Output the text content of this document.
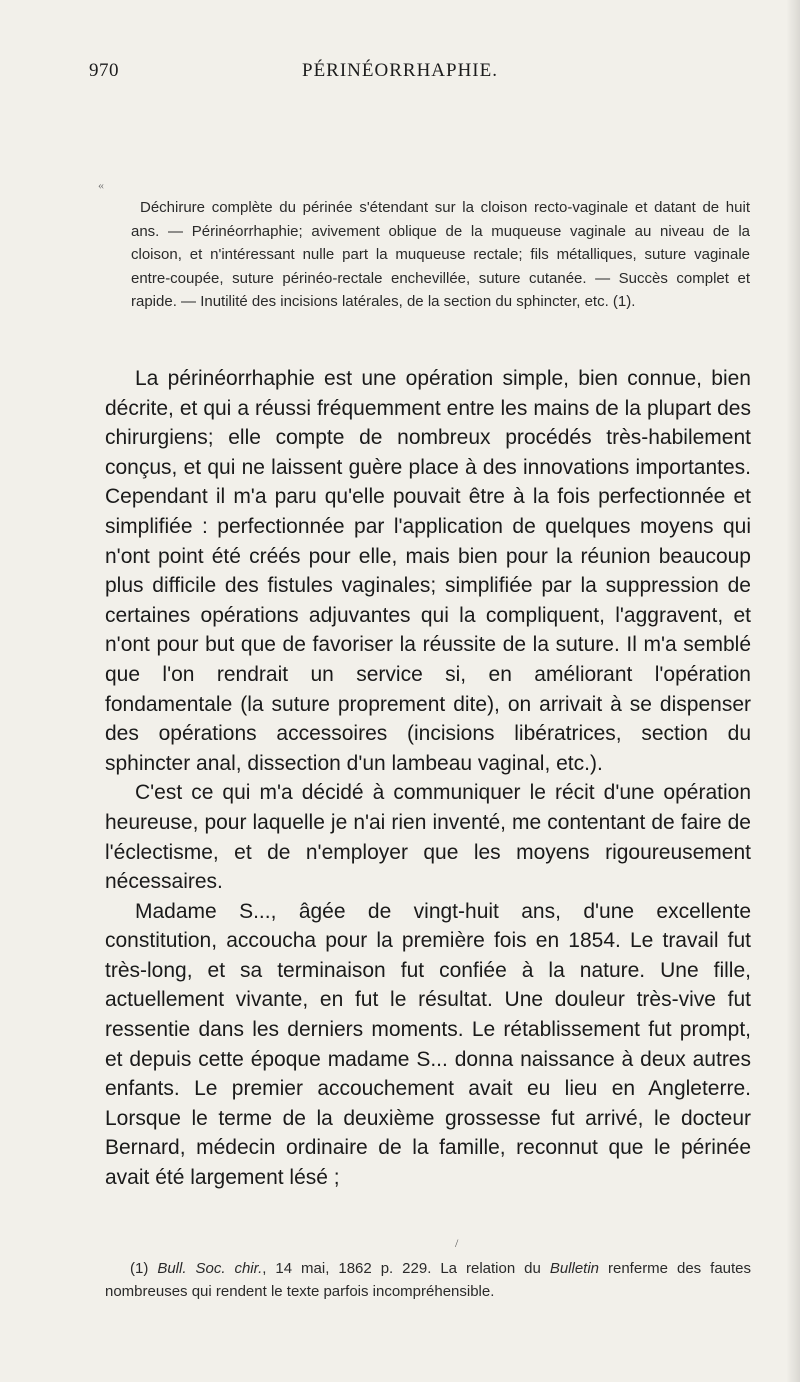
970	PÉRINÉORRHAPHIE.
«
Déchirure complète du périnée s'étendant sur la cloison recto-vaginale et datant de huit ans. — Périnéorrhaphie; avivement oblique de la muqueuse vaginale au niveau de la cloison, et n'intéressant nulle part la muqueuse rectale; fils métalliques, suture vaginale entre-coupée, suture périnéo-rectale enchevillée, suture cutanée. — Succès complet et rapide. — Inutilité des incisions latérales, de la section du sphincter, etc. (1).

La périnéorrhaphie est une opération simple, bien connue, bien décrite, et qui a réussi fréquemment entre les mains de la plupart des chirurgiens; elle compte de nombreux procédés très-habilement conçus, et qui ne laissent guère place à des innovations importantes. Cependant il m'a paru qu'elle pouvait être à la fois perfectionnée et simplifiée : perfectionnée par l'application de quelques moyens qui n'ont point été créés pour elle, mais bien pour la réunion beaucoup plus difficile des fistules vaginales; simplifiée par la suppression de certaines opérations adjuvantes qui la compliquent, l'aggravent, et n'ont pour but que de favoriser la réussite de la suture. Il m'a semblé que l'on rendrait un service si, en améliorant l'opération fondamentale (la suture proprement dite), on arrivait à se dispenser des opérations accessoires (incisions libératrices, section du sphincter anal, dissection d'un lambeau vaginal, etc.).

C'est ce qui m'a décidé à communiquer le récit d'une opération heureuse, pour laquelle je n'ai rien inventé, me contentant de faire de l'éclectisme, et de n'employer que les moyens rigoureusement nécessaires.

Madame S..., âgée de vingt-huit ans, d'une excellente constitution, accoucha pour la première fois en 1854. Le travail fut très-long, et sa terminaison fut confiée à la nature. Une fille, actuellement vivante, en fut le résultat. Une douleur très-vive fut ressentie dans les derniers moments. Le rétablissement fut prompt, et depuis cette époque madame S... donna naissance à deux autres enfants. Le premier accouchement avait eu lieu en Angleterre. Lorsque le terme de la deuxième grossesse fut arrivé, le docteur Bernard, médecin ordinaire de la famille, reconnut que le périnée avait été largement lésé ;

/
(1) Bull. Soc. chir., 14 mai, 1862 p. 229. La relation du Bulletin renferme des fautes nombreuses qui rendent le texte parfois incompréhensible.
